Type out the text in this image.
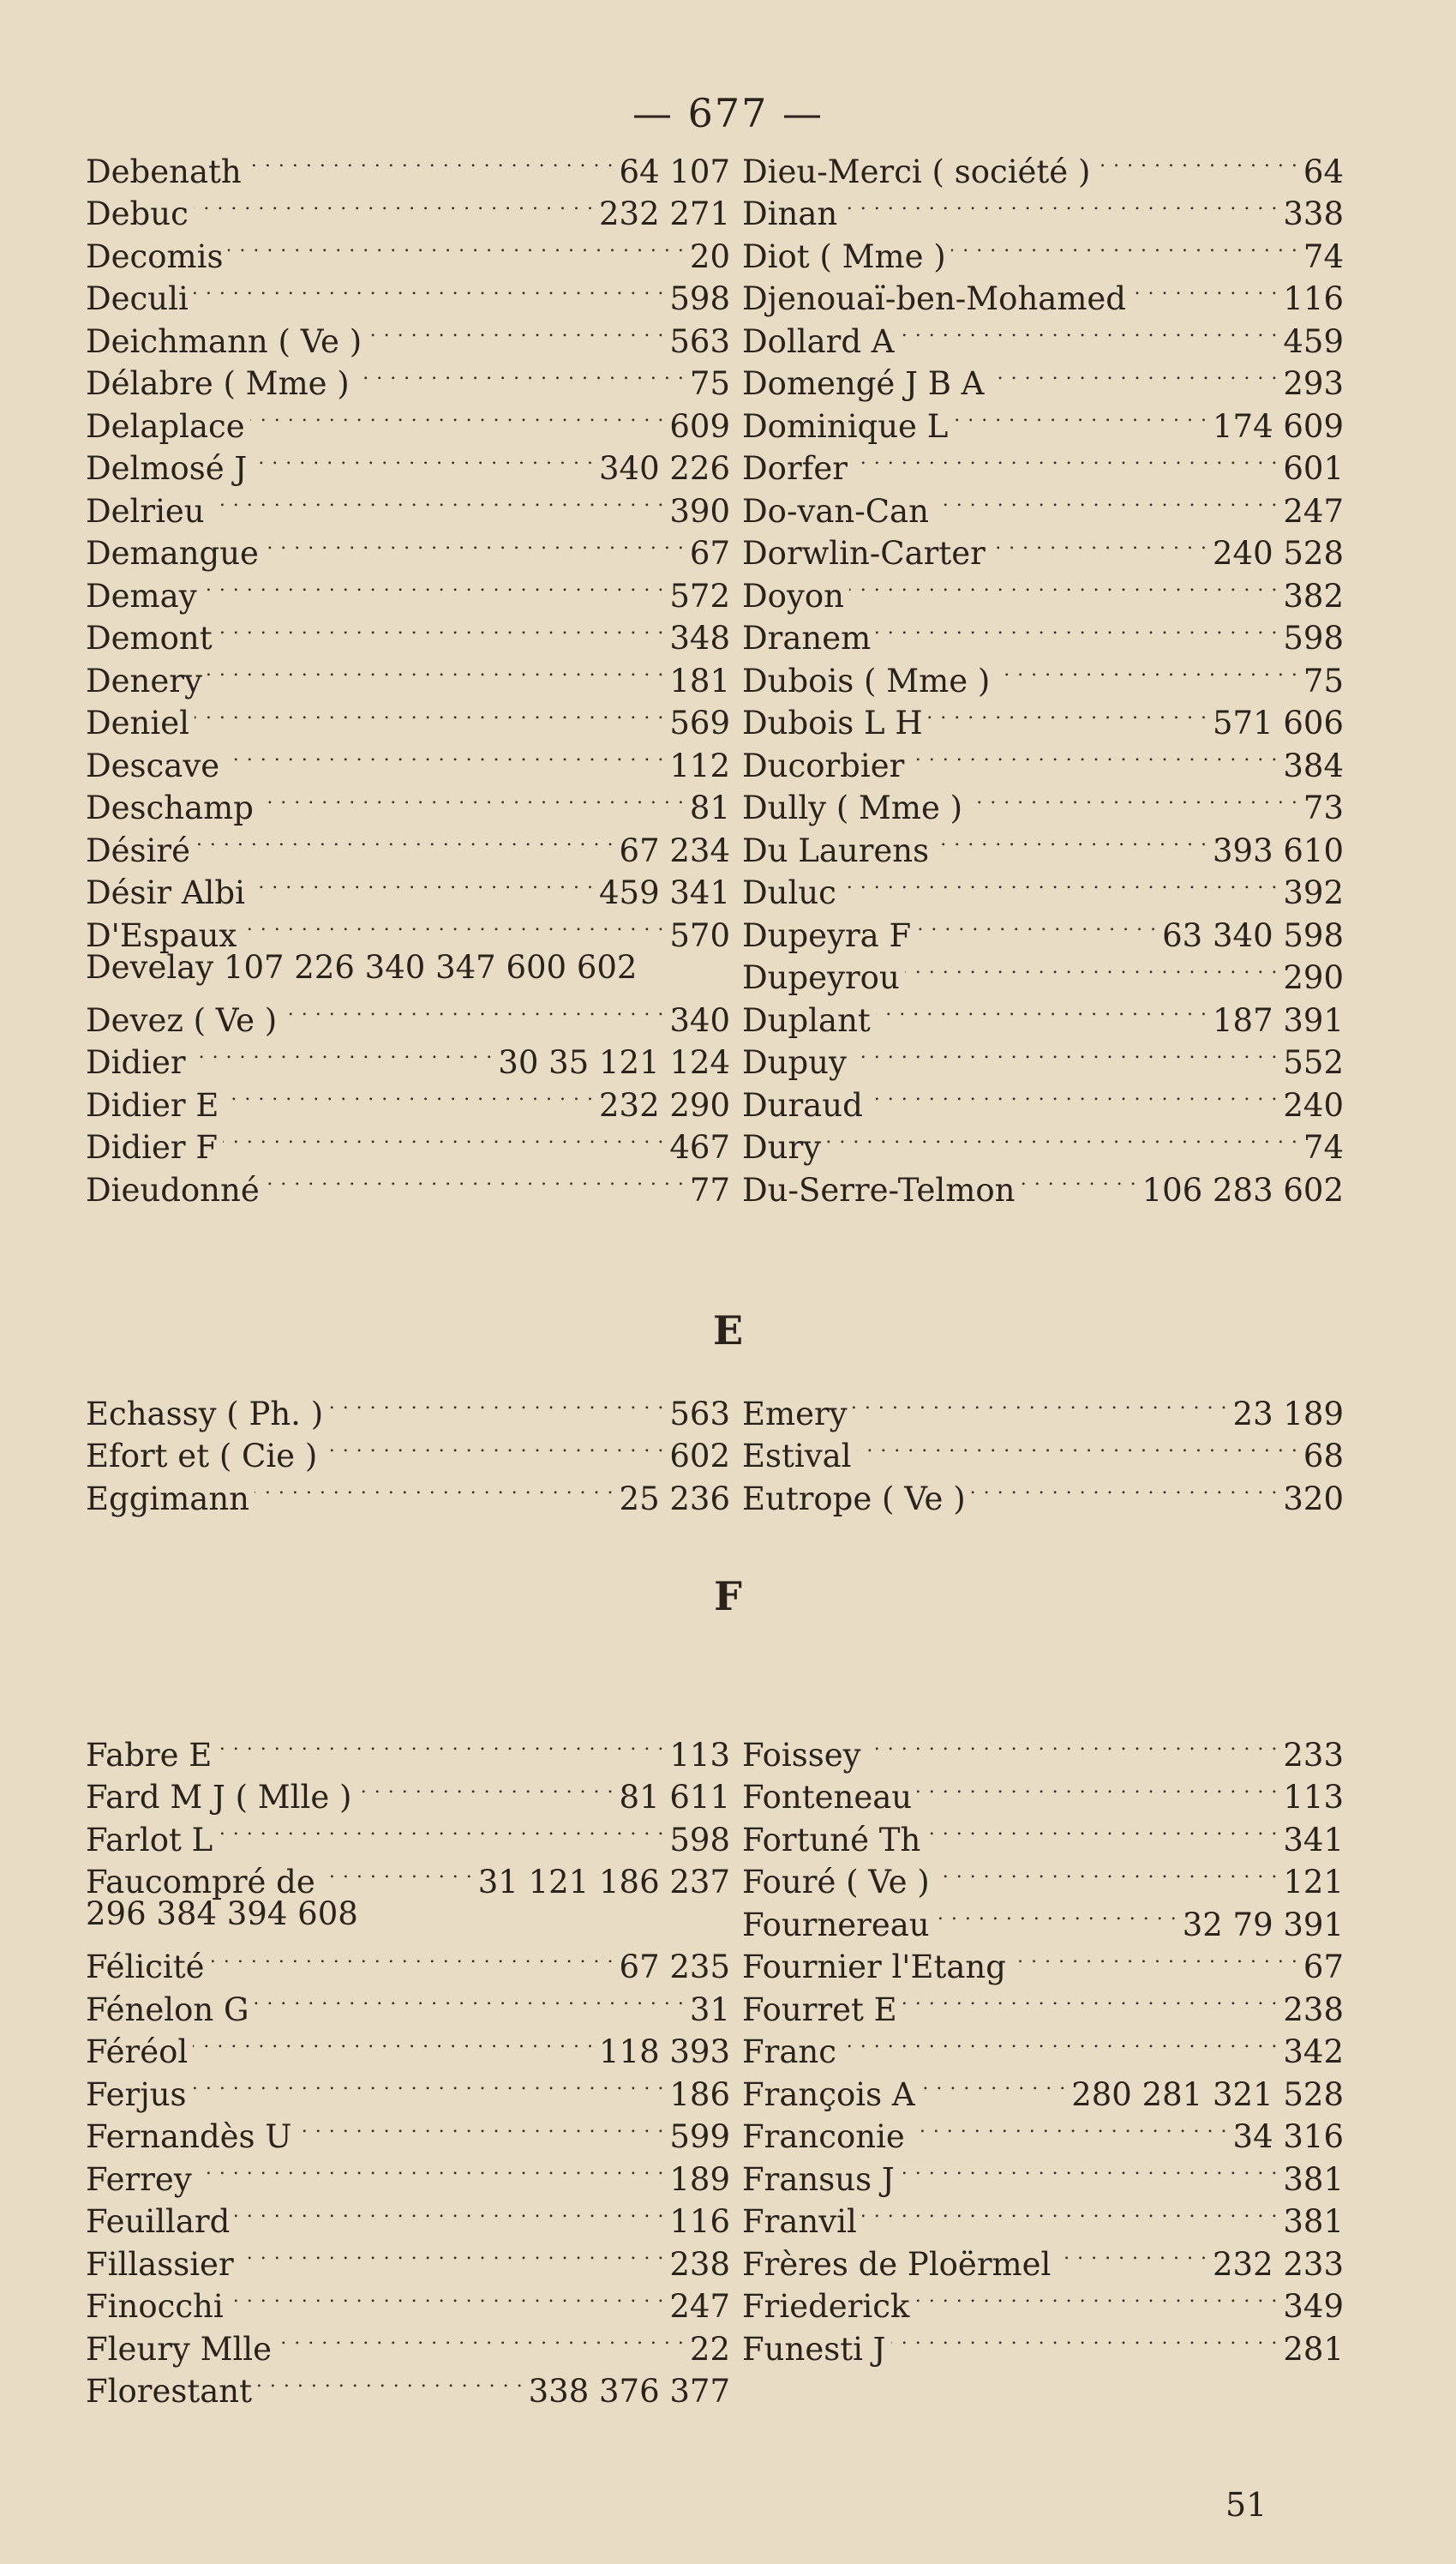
— 677 —
Debenath . . .	64 107
Debuc . . .	232 271
Decomis . . .	20
Deculi . . .	598
Deichmann ( Ve ) . . .	563
Délabre ( Mme ) . . .	75
Delaplace . . .	609
Delmosé J . . .	340 226
Delrieu . . .	390
Demangue . . .	67
Demay . . .	572
Demont . . .	348
Denery . . .	181
Deniel . . .	569
Descave . . .	112
Deschamp . . .	81
Désiré . . .	67 234
Désir Albi . . .	459 341
D'Espaux . . .	570
Develay 107 226 340 347 600 602
Devez ( Ve ) . . .	340
Didier . . .	30 35 121 124
Didier E . . .	232 290
Didier F . . .	467
Dieudonné . . .	77
Dieu-Merci ( société ) . . .	64
Dinan . . .	338
Diot ( Mme ) . . .	74
Djenouaï-ben-Mohamed . . .	116
Dollard A . . .	459
Domengé J B A . . .	293
Dominique L . . .	174 609
Dorfer . . .	601
Do-van-Can . . .	247
Dorwlin-Carter . . .	240 528
Doyon . . .	382
Dranem . . .	598
Dubois ( Mme ) . . .	75
Dubois L H . . .	571 606
Ducorbier . . .	384
Dully ( Mme ) . . .	73
Du Laurens . . .	393 610
Duluc . . .	392
Dupeyra F . . .	63 340 598
Dupeyrou . . .	290
Duplant . . .	187 391
Dupuy . . .	552
Duraud . . .	240
Dury . . .	74
Du-Serre-Telmon . . .	106 283 602
E
Echassy ( Ph. ) . . .	563
Efort et ( Cie ) . . .	602
Eggimann . . .	25 236
Emery . . .	23 189
Estival . . .	68
Eutrope ( Ve ) . . .	320
F
Fabre E . . .	113
Fard M J ( Mlle ) . . .	81 611
Farlot L . . .	598
Faucompré de . . .	31 121 186 237
296 384 394 608
Félicité . . .	67 235
Fénelon G . . .	31
Féréol . . .	118 393
Ferjus . . .	186
Fernandès U . . .	599
Ferrey . . .	189
Feuillard . . .	116
Fillassier . . .	238
Finocchi . . .	247
Fleury Mlle . . .	22
Florestant . . .	338 376 377
Foissey . . .	233
Fonteneau . . .	113
Fortuné Th . . .	341
Fouré ( Ve ) . . .	121
Fournereau . . .	32 79 391
Fournier l'Etang . . .	67
Fourret E . . .	238
Franc . . .	342
François A . . .	280 281 321 528
Franconie . . .	34 316
Fransus J . . .	381
Franvil . . .	381
Frères de Ploërmel . . .	232 233
Friederick . . .	349
Funesti J . . .	281
51
